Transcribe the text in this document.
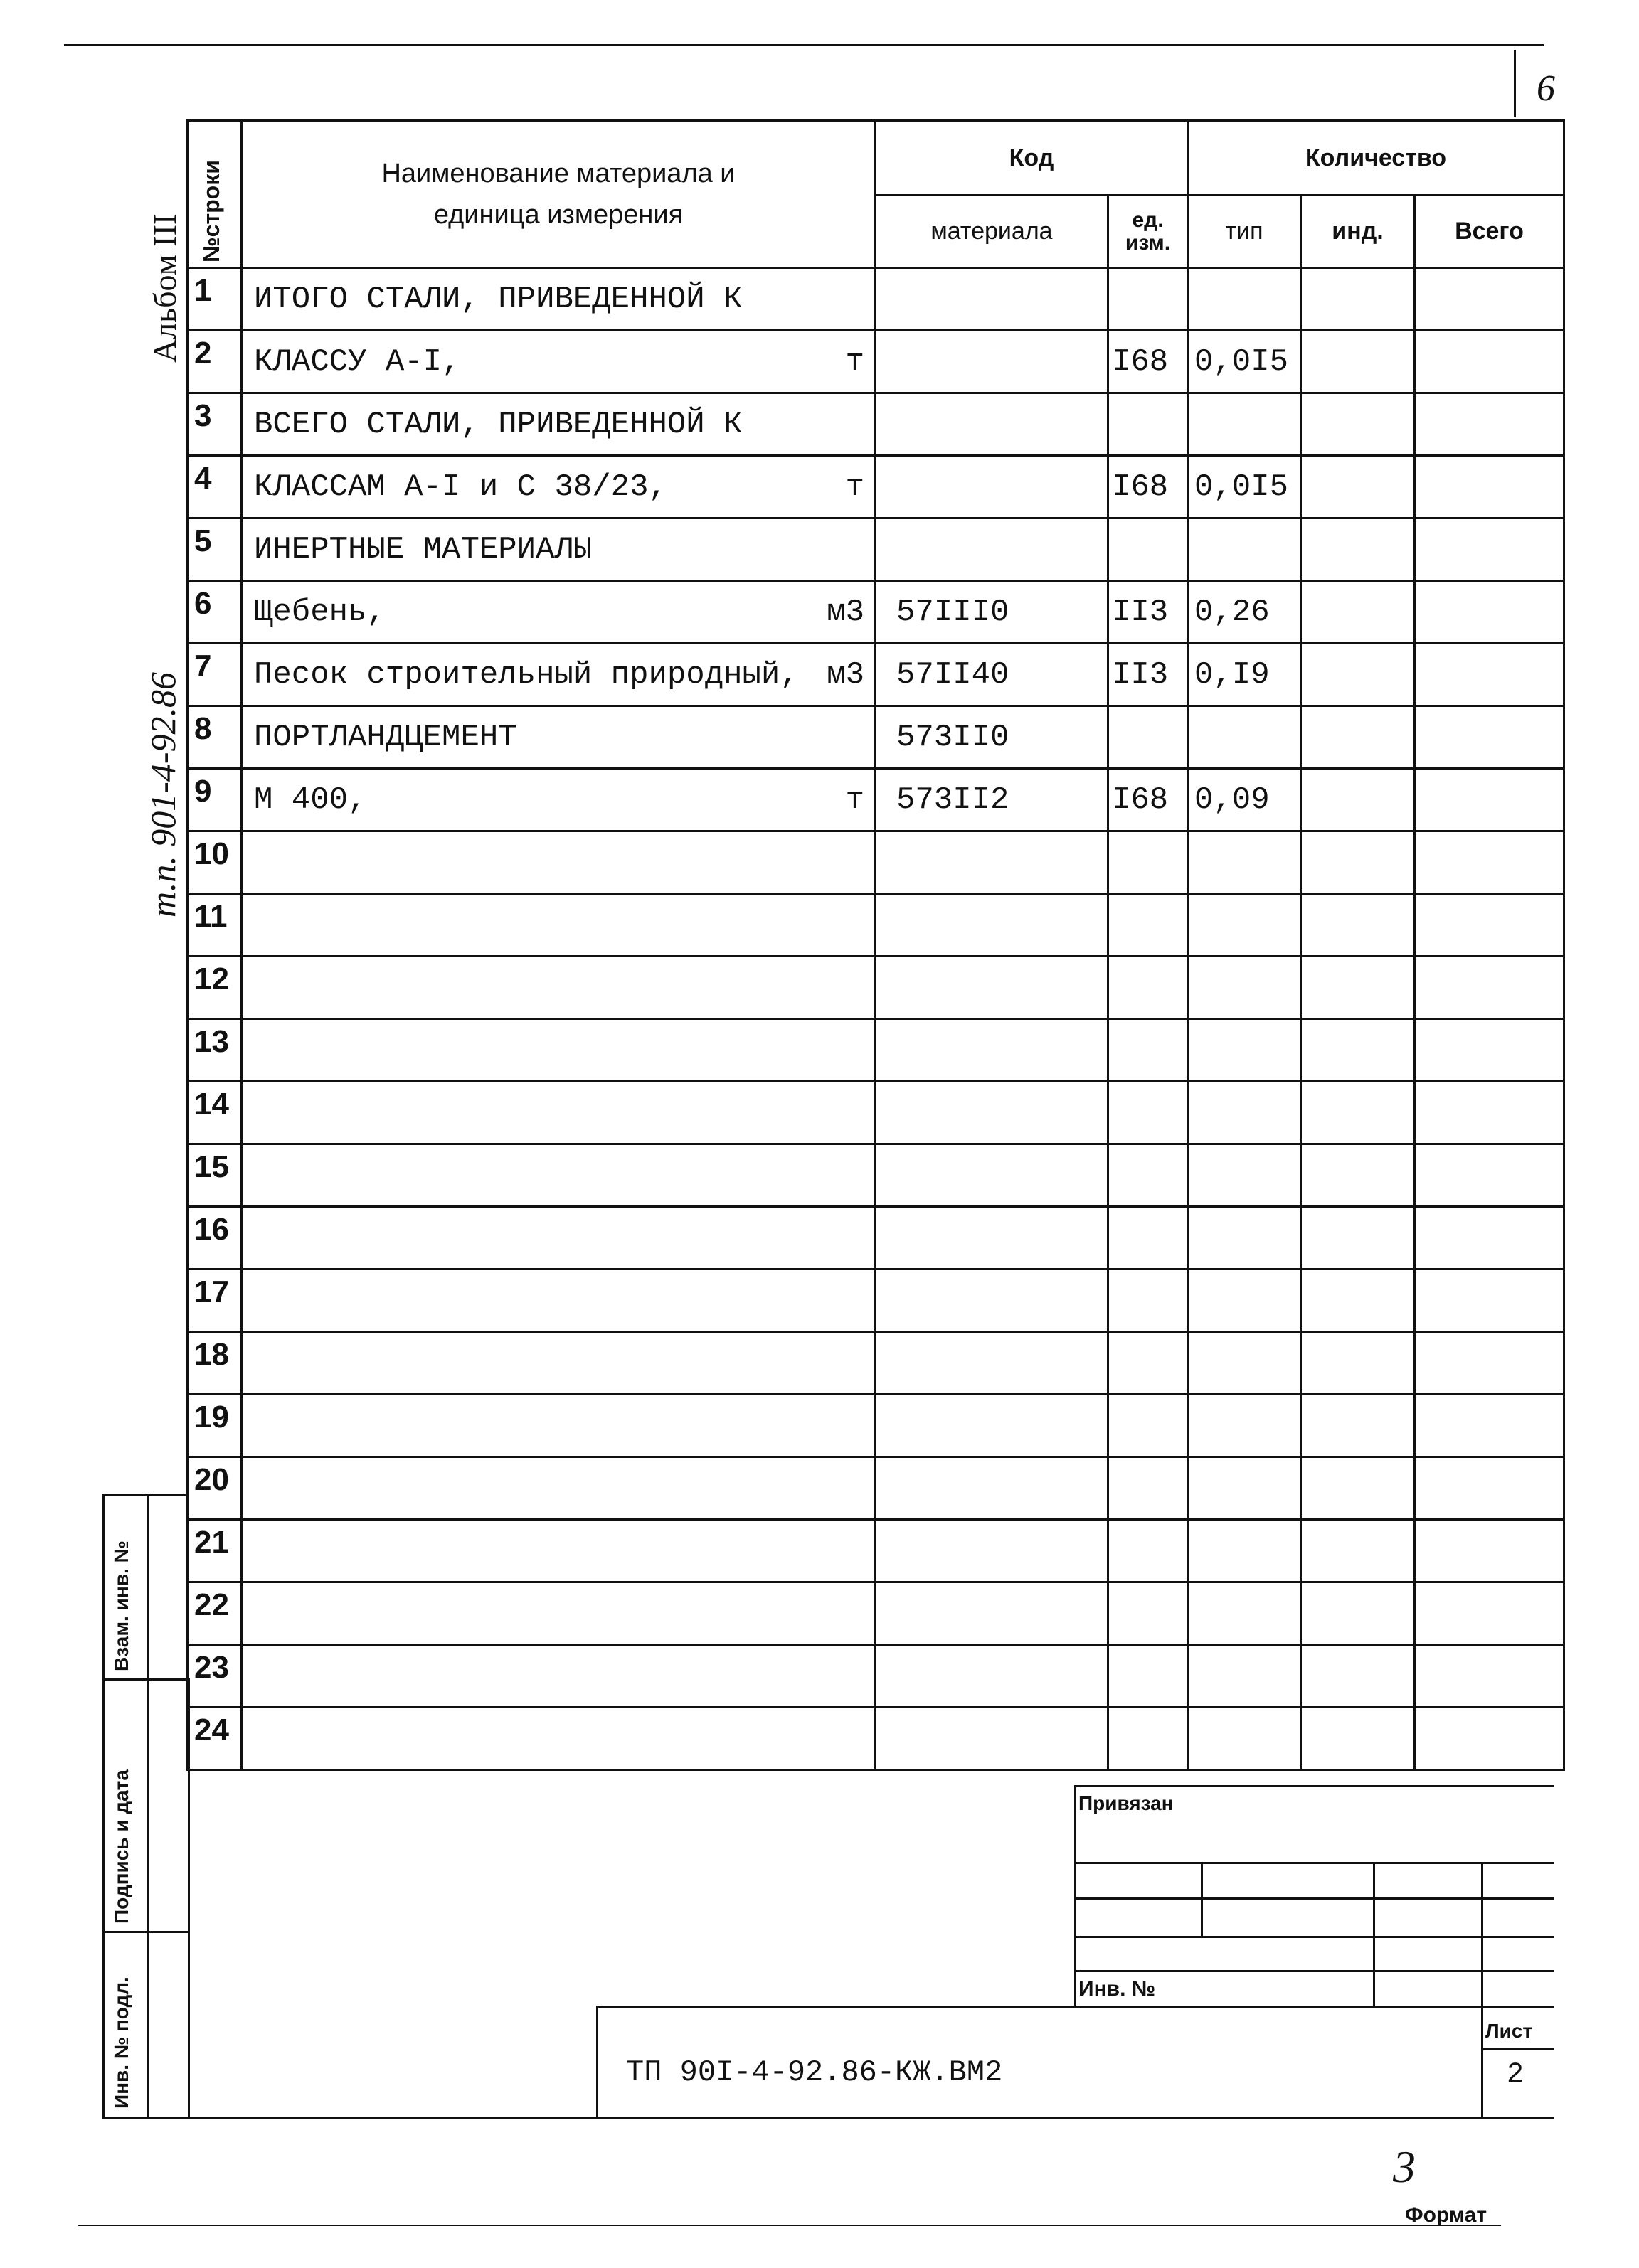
6
Альбом III
т.п. 901-4-92.86
№строки	Наименование материала и единица измерения	Код		Количество		
		материала	ед. изм.	тип	инд.	Всего
1	ИТОГО СТАЛИ, ПРИВЕДЕННОЙ К					

2	КЛАССУ А-I, т		I68	0,0I5		
3	ВСЕГО СТАЛИ, ПРИВЕДЕННОЙ К					

4	КЛАССАМ А-I и С 38/23, т		I68	0,0I5		
5	ИНЕРТНЫЕ МАТЕРИАЛЫ					

6	Щебень, м3	57III0	II3	0,26		
7	Песок строительный природный, м3	57II40	II3	0,I9		
8	ПОРТЛАНДЦЕМЕНТ	573II0				
9	М 400, т	573II2	I68	0,09		
10	

11	

12	

13	

14	

15	

16	

17	

18	

19	

20	

21	

22	

23	

24	

Взам. инв. №
Подпись и дата
Инв. № подл.
Привязан
Инв. №
ТП 90I-4-92.86-КЖ.ВМ2
Лист
2
3
Формат
